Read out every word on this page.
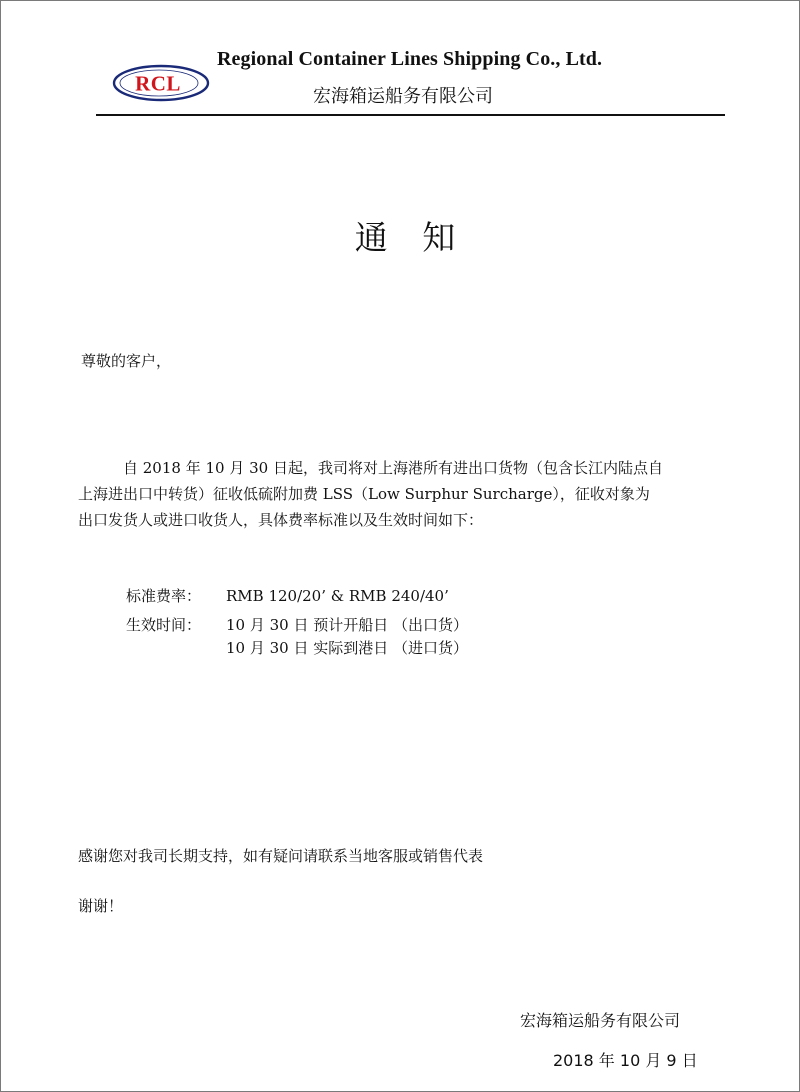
RCL
Regional Container Lines Shipping Co., Ltd.
宏海箱运船务有限公司
通 知
尊敬的客户，
自 2018 年 10 月 30 日起，我司将对上海港所有进出口货物（包含长江内陆点自
上海进出口中转货）征收低硫附加费 LSS（Low Surphur Surcharge），征收对象为
出口发货人或进口收货人，具体费率标准以及生效时间如下：
标准费率： RMB 120/20’ & RMB 240/40’
生效时间： 10 月 30 日 预计开船日 （出口货）
10 月 30 日 实际到港日 （进口货）
感谢您对我司长期支持，如有疑问请联系当地客服或销售代表
谢谢！
宏海箱运船务有限公司
2018 年 10 月 9 日
